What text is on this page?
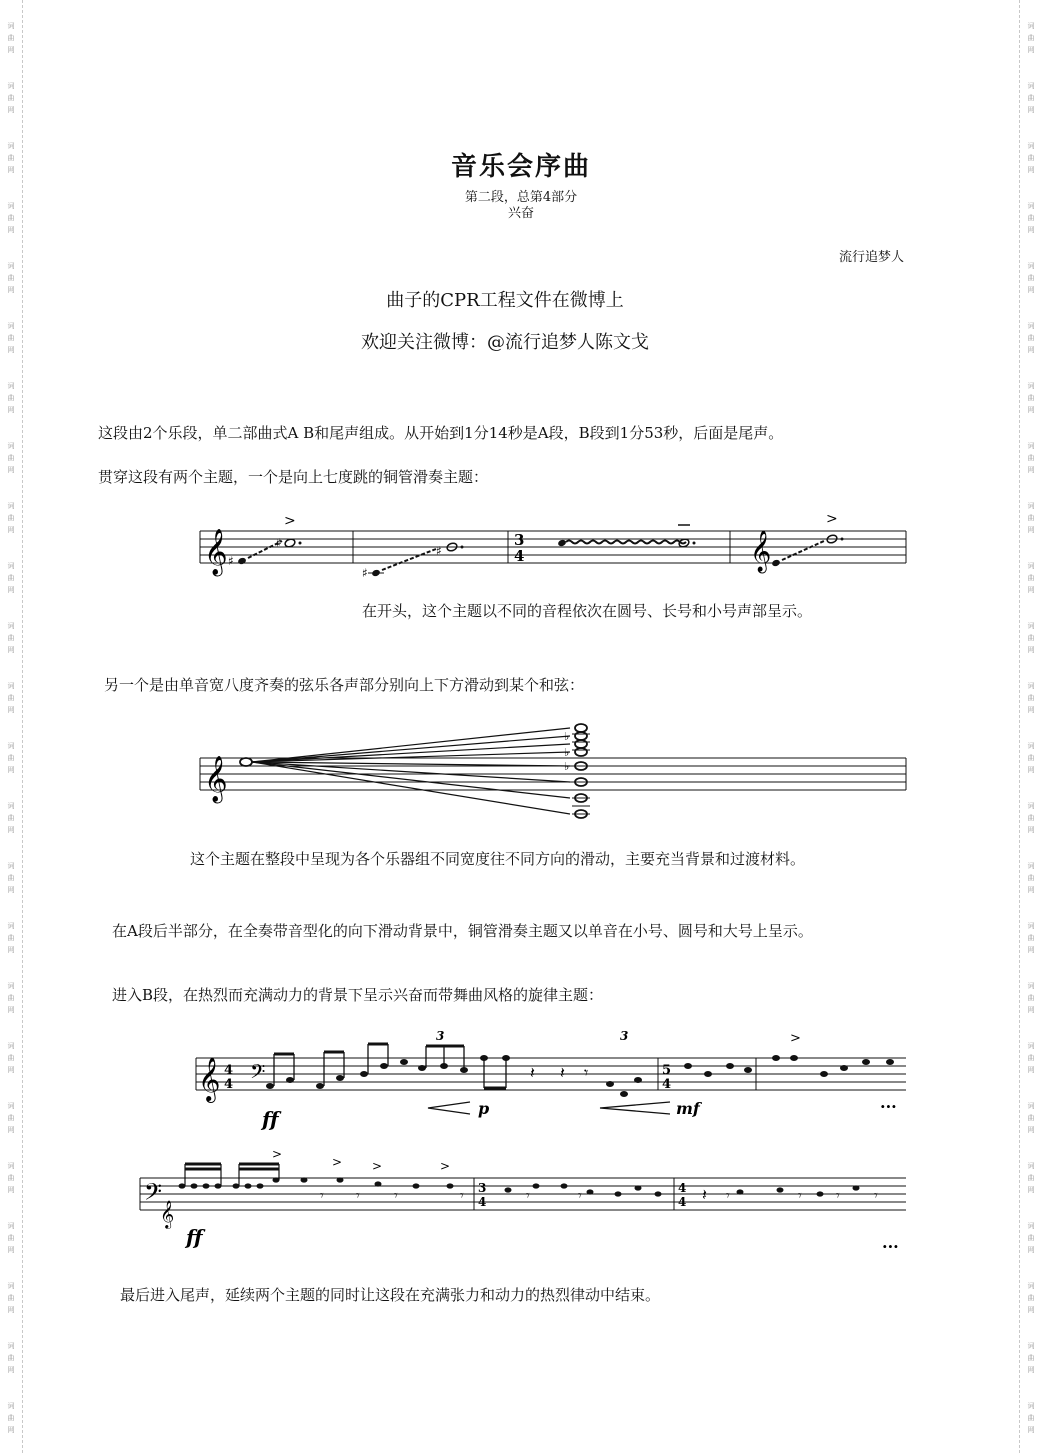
词
曲
网
词
曲
网
词
曲
网
词
曲
网
词
曲
网
词
曲
网
词
曲
网
词
曲
网
词
曲
网
词
曲
网
词
曲
网
词
曲
网
词
曲
网
词
曲
网
词
曲
网
词
曲
网
词
曲
网
词
曲
网
词
曲
网
词
曲
网
词
曲
网
词
曲
网
词
曲
网
词
曲
网
词
曲
网
词
曲
网
词
曲
网
词
曲
网
词
曲
网
词
曲
网
词
曲
网
词
曲
网
词
曲
网
词
曲
网
词
曲
网
词
曲
网
词
曲
网
词
曲
网
词
曲
网
词
曲
网
词
曲
网
词
曲
网
词
曲
网
词
曲
网
词
曲
网
词
曲
网
词
曲
网
词
曲
网
音乐会序曲
第二段，总第4部分
兴奋
流行追梦人
曲子的CPR工程文件在微博上
欢迎关注微博：@流行追梦人陈文戈
这段由2个乐段，单二部曲式A B和尾声组成。从开始到1分14秒是A段，B段到1分53秒，后面是尾声。
贯穿这段有两个主题，一个是向上七度跳的铜管滑奏主题：
𝄞 ♯
♯
>
♯
♯
3
4	𝄞
>
在开头，这个主题以不同的音程依次在圆号、长号和小号声部呈示。
另一个是由单音宽八度齐奏的弦乐各声部分别向上下方滑动到某个和弦：
𝄞
♭
♭
♭
这个主题在整段中呈现为各个乐器组不同宽度往不同方向的滑动，主要充当背景和过渡材料。
在A段后半部分，在全奏带音型化的向下滑动背景中，铜管滑奏主题又以单音在小号、圆号和大号上呈示。
进入B段，在热烈而充满动力的背景下呈示兴奋而带舞曲风格的旋律主题：
𝄞 4
4 𝄢
3
𝄽 𝄽 𝄾
3
5
4
>
ff	p	mf	...
𝄢
𝄞
>
> >	>
𝄾 𝄾 𝄾	𝄾 3
4	𝄾	𝄾	4
4 𝄽 𝄾	𝄾 𝄾 𝄾
ff	...
最后进入尾声，延续两个主题的同时让这段在充满张力和动力的热烈律动中结束。
